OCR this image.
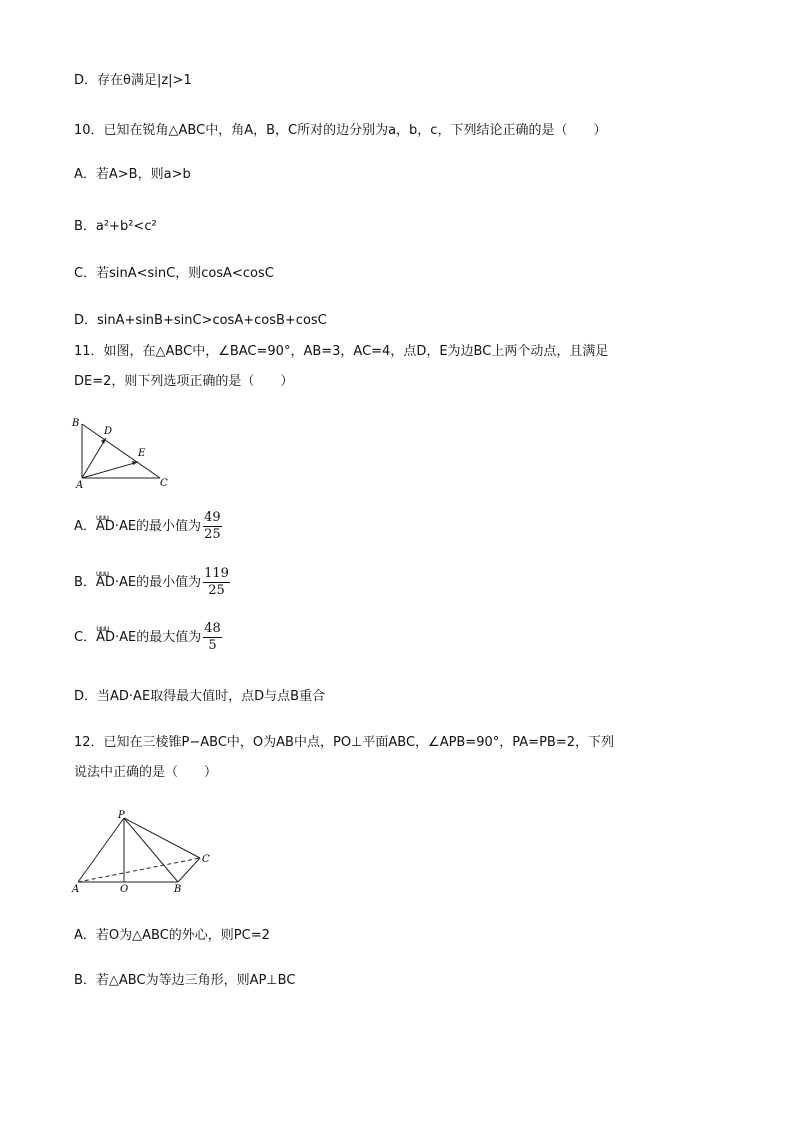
D．存在θ满足|z|>1
10．已知在锐角△ABC中，角A，B，C所对的边分别为a，b，c，下列结论正确的是（　　）
A．若A>B，则a>b
B．a²+b²<c²
C．若sinA<sinC，则cosA<cosC
D．sinA+sinB+sinC>cosA+cosB+cosC
11．如图，在△ABC中，∠BAC=90°，AB=3，AC=4，点D，E为边BC上两个动点，且满足
DE=2，则下列选项正确的是（　　）
B
D
E
A	C
A．uuu AD·AE的最小值为 $\frac{49}{25}$
B．uuu AD·AE的最小值为 $\frac{119}{25}$
C．uuu AD·AE的最大值为 $\frac{48}{5}$
D．当AD·AE取得最大值时，点D与点B重合
12．已知在三棱锥P−ABC中，O为AB中点，PO⊥平面ABC，∠APB=90°，PA=PB=2，下列
说法中正确的是（　　）
P
A	O	B
C
A．若O为△ABC的外心，则PC=2
B．若△ABC为等边三角形，则AP⊥BC
